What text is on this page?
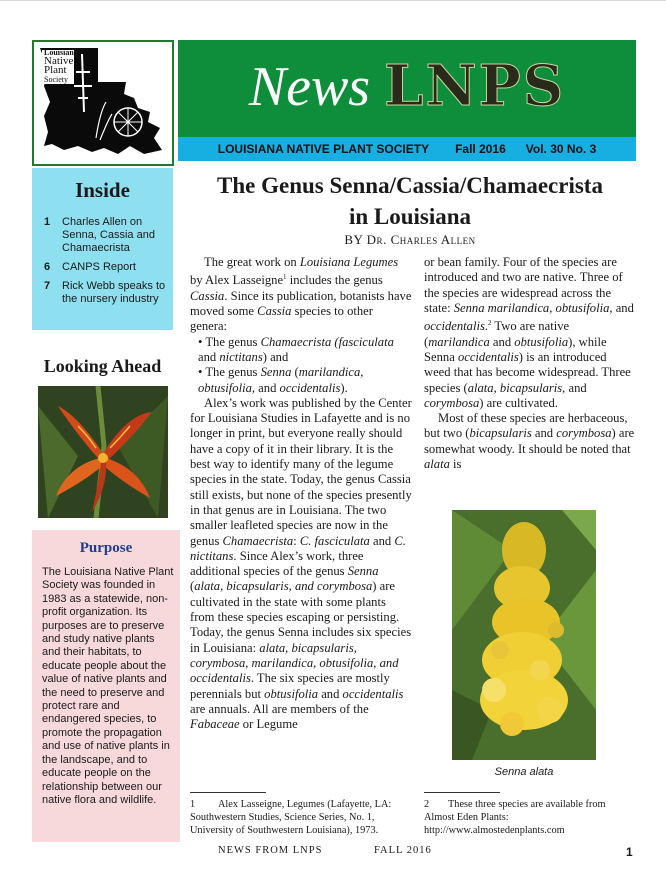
Louisiana
Native
Plant
Society	News LNPS
LOUISIANA NATIVE PLANT SOCIETY Fall 2016 Vol. 30 No. 3
Inside
1 Charles Allen on Senna, Cassia and Chamaecrista
6 CANPS Report
7 Rick Webb speaks to the nursery industry
Looking Ahead
Purpose
The Louisiana Native Plant Society was founded in 1983 as a statewide, non-profit organization. Its purposes are to preserve and study native plants and their habitats, to educate people about the value of native plants and the need to preserve and protect rare and endangered species, to promote the propagation and use of native plants in the landscape, and to educate people on the relationship between our native flora and wildlife.
The Genus Senna/Cassia/Chamaecrista
in Louisiana
BY Dr. Charles Allen

The great work on Louisiana Legumes by Alex Lasseigne$^1$ includes the genus Cassia. Since its publication, botanists have moved some Cassia species to other genera:

• The genus Chamaecrista (fasciculata and nictitans) and

• The genus Senna (marilandica, obtusifolia, and occidentalis).

Alex’s work was published by the Center for Louisiana Studies in Lafayette and is no longer in print, but everyone really should have a copy of it in their library. It is the best way to identify many of the legume species in the state. Today, the genus Cassia still exists, but none of the species presently in that genus are in Louisiana. The two smaller leafleted species are now in the genus Chamaecrista: C. fasciculata and C. nictitans. Since Alex’s work, three additional species of the genus Senna (alata, bicapsularis, and corymbosa) are cultivated in the state with some plants from these species escaping or persisting. Today, the genus Senna includes six species in Louisiana: alata, bicapsularis, corymbosa, marilandica, obtusifolia, and occidentalis. The six species are mostly perennials but obtusifolia and occidentalis are annuals. All are members of the Fabaceae or Legume

or bean family. Four of the species are introduced and two are native. Three of the species are widespread across the state: Senna marilandica, obtusifolia, and occidentalis.$^2$ Two are native (marilandica and obtusifolia), while Senna occidentalis) is an introduced weed that has become widespread. Three species (alata, bicapsularis, and corymbosa) are cultivated.

Most of these species are herbaceous, but two (bicapsularis and corymbosa) are somewhat woody. It should be noted that alata is

Senna alata
1 Alex Lasseigne, Legumes (Lafayette, LA: Southwestern Studies, Science Series, No. 1, University of Southwestern Louisiana), 1973.
2 These three species are available from Almost Eden Plants: http://www.almostedenplants.com
NEWS FROM LNPS	FALL 2016	1
